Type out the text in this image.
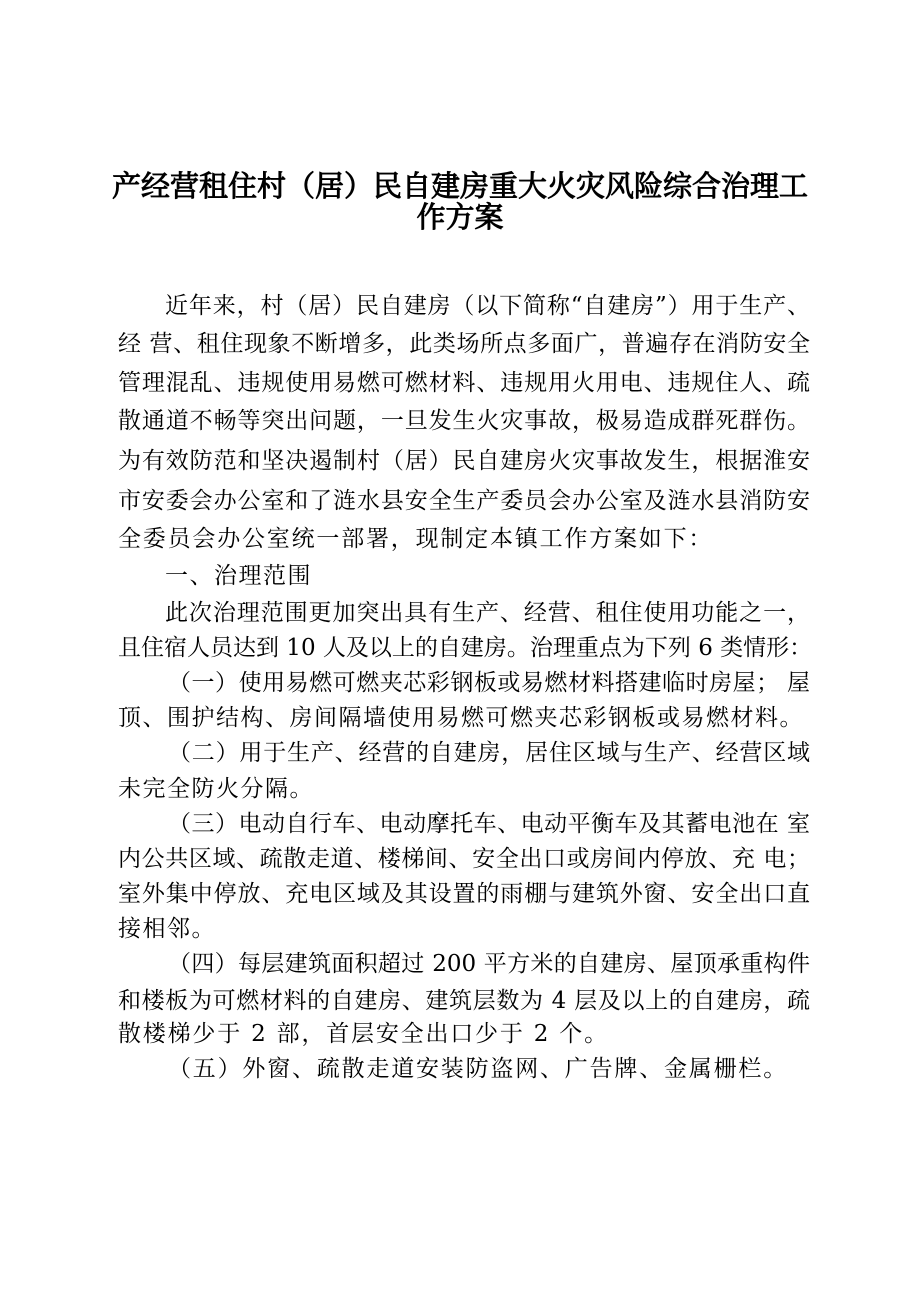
产经营租住村（居）民自建房重大火灾风险综合治理工
作方案
近年来，村（居）民自建房（以下简称“自建房”）用于生产、
经 营、租住现象不断增多，此类场所点多面广，普遍存在消防安全
管理混乱、违规使用易燃可燃材料、违规用火用电、违规住人、疏
散通道不畅等突出问题，一旦发生火灾事故，极易造成群死群伤。
为有效防范和坚决遏制村（居）民自建房火灾事故发生，根据淮安
市安委会办公室和了涟水县安全生产委员会办公室及涟水县消防安
全委员会办公室统一部署，现制定本镇工作方案如下：
一、治理范围
此次治理范围更加突出具有生产、经营、租住使用功能之一，
且住宿人员达到 10 人及以上的自建房。治理重点为下列 6 类情形：
（一）使用易燃可燃夹芯彩钢板或易燃材料搭建临时房屋； 屋
顶、围护结构、房间隔墙使用易燃可燃夹芯彩钢板或易燃材料。
（二）用于生产、经营的自建房，居住区域与生产、经营区域
未完全防火分隔。
（三）电动自行车、电动摩托车、电动平衡车及其蓄电池在 室
内公共区域、疏散走道、楼梯间、安全出口或房间内停放、充 电；
室外集中停放、充电区域及其设置的雨棚与建筑外窗、安全出口直
接相邻。
（四）每层建筑面积超过 200 平方米的自建房、屋顶承重构件
和楼板为可燃材料的自建房、建筑层数为 4 层及以上的自建房，疏
散楼梯少于 2 部，首层安全出口少于 2 个。
（五）外窗、疏散走道安装防盗网、广告牌、金属栅栏。
